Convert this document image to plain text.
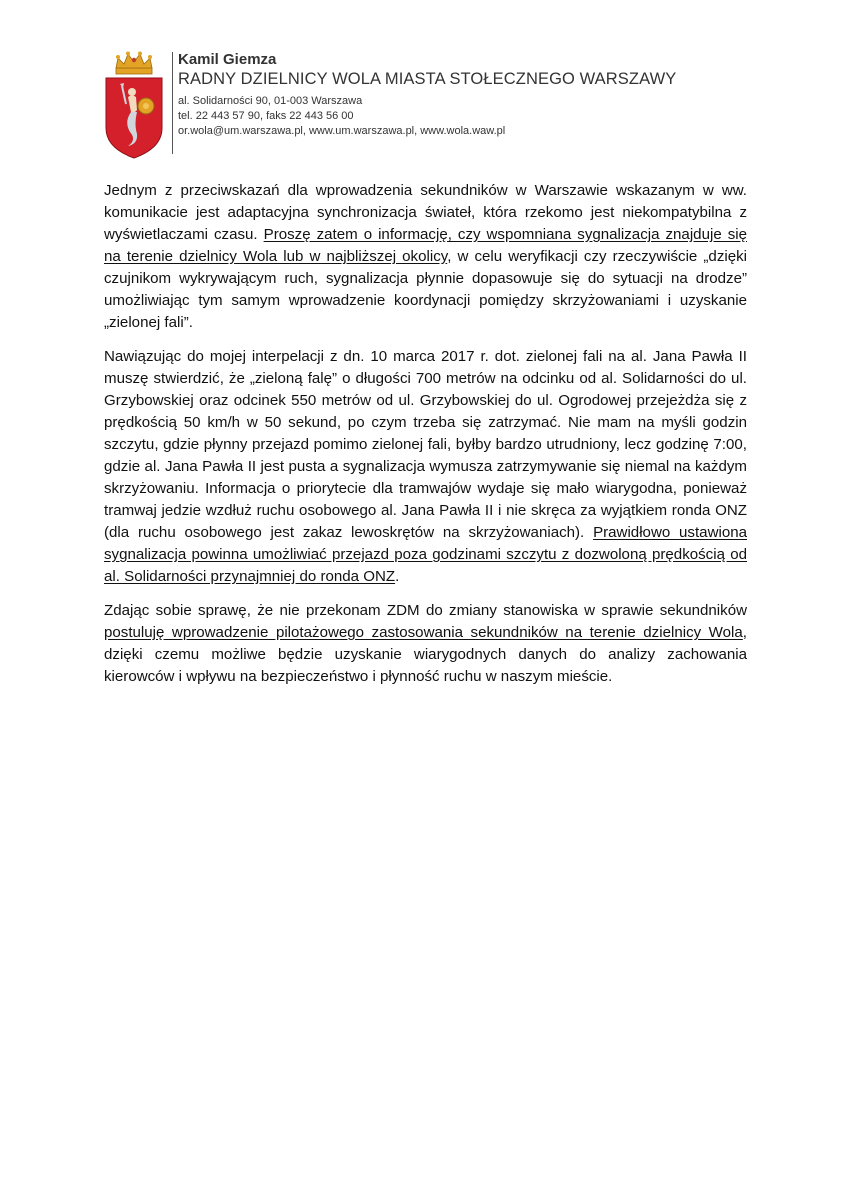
Kamil Giemza
RADNY DZIELNICY WOLA MIASTA STOŁECZNEGO WARSZAWY
al. Solidarności 90, 01-003 Warszawa
tel. 22 443 57 90, faks 22 443 56 00
or.wola@um.warszawa.pl, www.um.warszawa.pl, www.wola.waw.pl

Jednym z przeciwskazań dla wprowadzenia sekundników w Warszawie wskazanym w ww. komunikacie jest adaptacyjna synchronizacja świateł, która rzekomo jest niekompatybilna z wyświetlaczami czasu. Proszę zatem o informację, czy wspomniana sygnalizacja znajduje się na terenie dzielnicy Wola lub w najbliższej okolicy, w celu weryfikacji czy rzeczywiście „dzięki czujnikom wykrywającym ruch, sygnalizacja płynnie dopasowuje się do sytuacji na drodze” umożliwiając tym samym wprowadzenie koordynacji pomiędzy skrzyżowaniami i uzyskanie „zielonej fali”.

Nawiązując do mojej interpelacji z dn. 10 marca 2017 r. dot. zielonej fali na al. Jana Pawła II muszę stwierdzić, że „zieloną falę” o długości 700 metrów na odcinku od al. Solidarności do ul. Grzybowskiej oraz odcinek 550 metrów od ul. Grzybowskiej do ul. Ogrodowej przejeżdża się z prędkością 50 km/h w 50 sekund, po czym trzeba się zatrzymać. Nie mam na myśli godzin szczytu, gdzie płynny przejazd pomimo zielonej fali, byłby bardzo utrudniony, lecz godzinę 7:00, gdzie al. Jana Pawła II jest pusta a sygnalizacja wymusza zatrzymywanie się niemal na każdym skrzyżowaniu. Informacja o priorytecie dla tramwajów wydaje się mało wiarygodna, ponieważ tramwaj jedzie wzdłuż ruchu osobowego al. Jana Pawła II i nie skręca za wyjątkiem ronda ONZ (dla ruchu osobowego jest zakaz lewoskrętów na skrzyżowaniach). Prawidłowo ustawiona sygnalizacja powinna umożliwiać przejazd poza godzinami szczytu z dozwoloną prędkością od al. Solidarności przynajmniej do ronda ONZ.

Zdając sobie sprawę, że nie przekonam ZDM do zmiany stanowiska w sprawie sekundników postuluję wprowadzenie pilotażowego zastosowania sekundników na terenie dzielnicy Wola, dzięki czemu możliwe będzie uzyskanie wiarygodnych danych do analizy zachowania kierowców i wpływu na bezpieczeństwo i płynność ruchu w naszym mieście.
